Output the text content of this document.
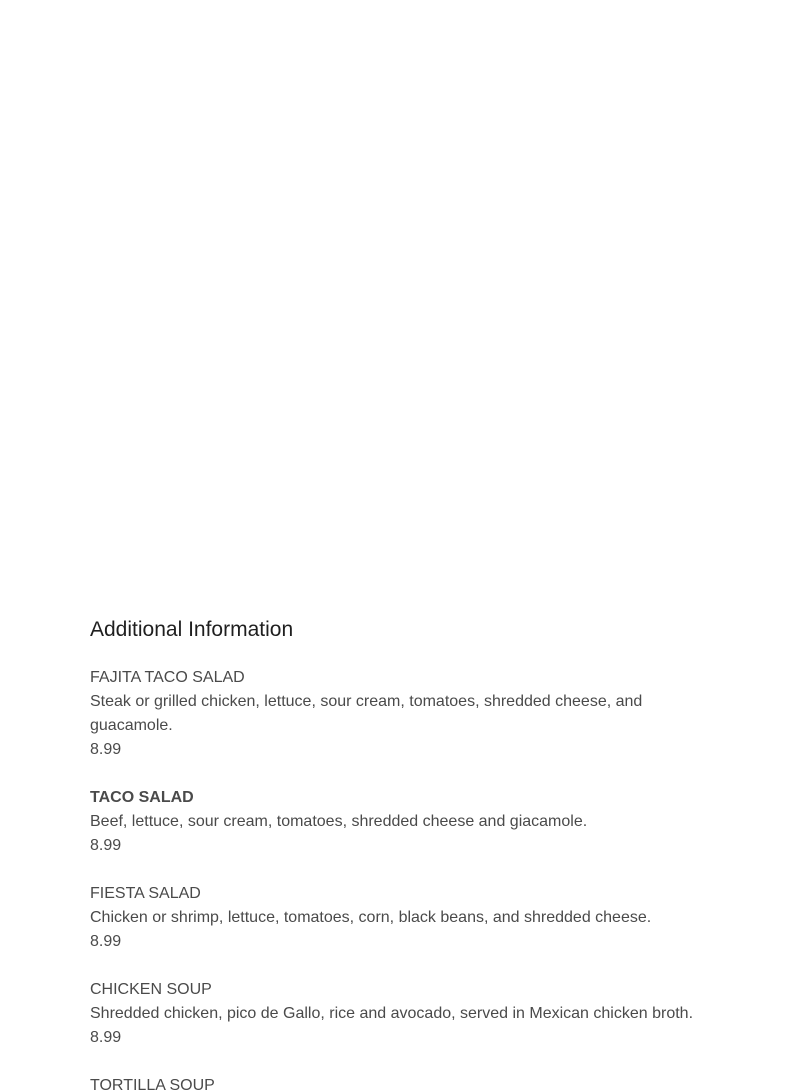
Additional Information
FAJITA TACO SALAD
Steak or grilled chicken, lettuce, sour cream, tomatoes, shredded cheese, and guacamole.
8.99
TACO SALAD
Beef, lettuce, sour cream, tomatoes, shredded cheese and giacamole.
8.99
FIESTA SALAD
Chicken or shrimp, lettuce, tomatoes, corn, black beans, and shredded cheese.
8.99
CHICKEN SOUP
Shredded chicken, pico de Gallo, rice and avocado, served in Mexican chicken broth.
8.99
TORTILLA SOUP
